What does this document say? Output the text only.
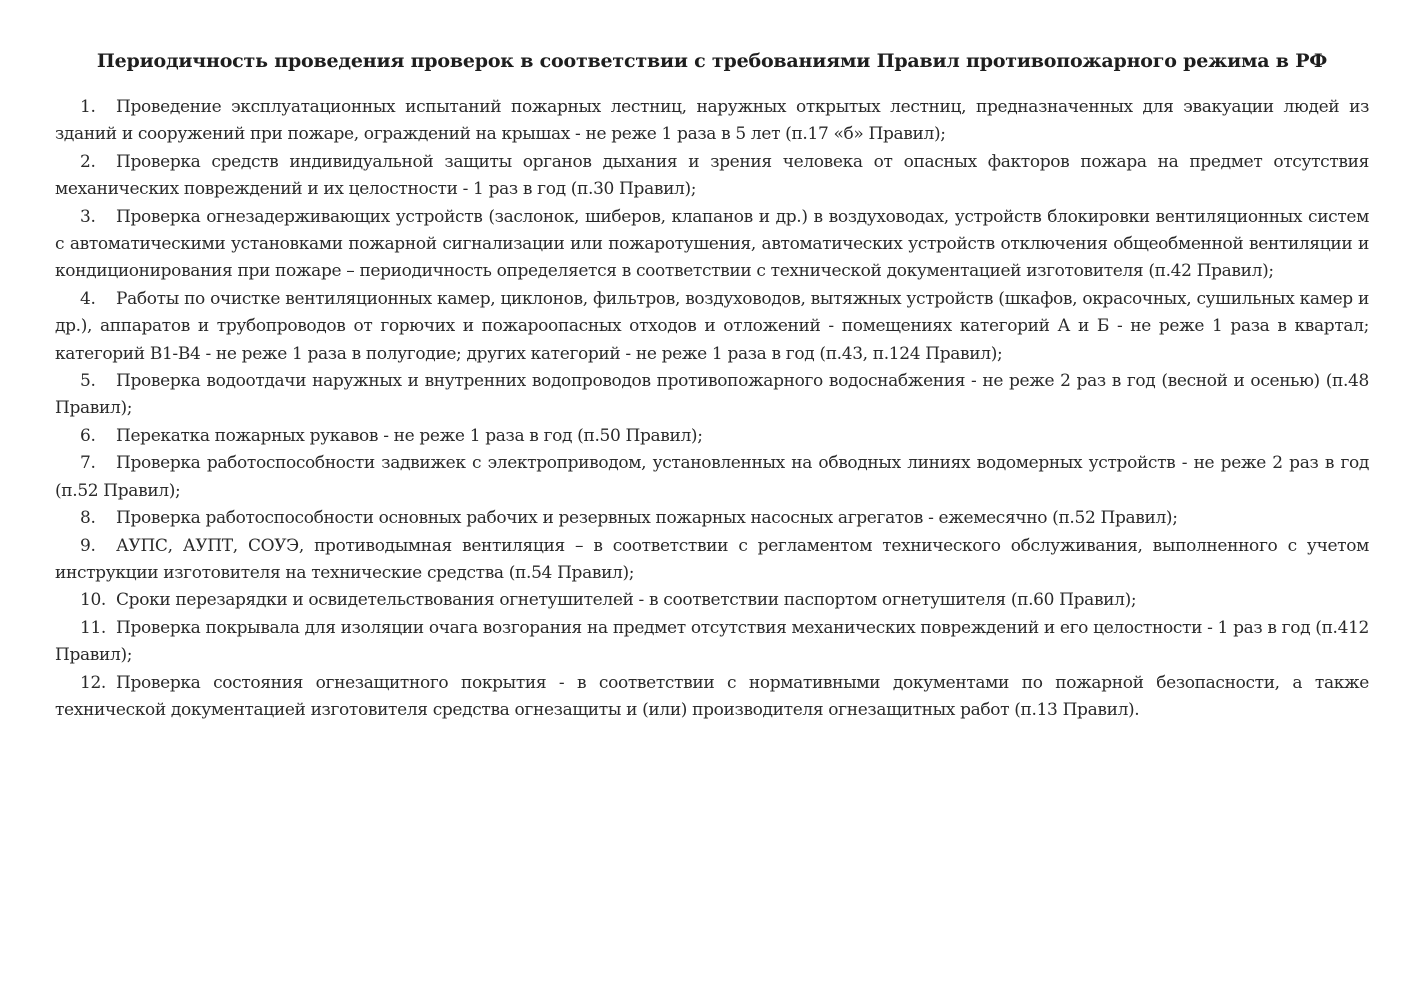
Периодичность проведения проверок в соответствии с требованиями Правил противопожарного режима в РФ
1. Проведение эксплуатационных испытаний пожарных лестниц, наружных открытых лестниц, предназначенных для эвакуации людей из зданий и сооружений при пожаре, ограждений на крышах - не реже 1 раза в 5 лет (п.17 «б» Правил);
2. Проверка средств индивидуальной защиты органов дыхания и зрения человека от опасных факторов пожара на предмет отсутствия механических повреждений и их целостности - 1 раз в год (п.30 Правил);
3. Проверка огнезадерживающих устройств (заслонок, шиберов, клапанов и др.) в воздуховодах, устройств блокировки вентиляционных систем с автоматическими установками пожарной сигнализации или пожаротушения, автоматических устройств отключения общеобменной вентиляции и кондиционирования при пожаре – периодичность определяется в соответствии с технической документацией изготовителя (п.42 Правил);
4. Работы по очистке вентиляционных камер, циклонов, фильтров, воздуховодов, вытяжных устройств (шкафов, окрасочных, сушильных камер и др.), аппаратов и трубопроводов от горючих и пожароопасных отходов и отложений - помещениях категорий А и Б - не реже 1 раза в квартал; категорий В1-В4 - не реже 1 раза в полугодие; других категорий - не реже 1 раза в год (п.43, п.124 Правил);
5. Проверка водоотдачи наружных и внутренних водопроводов противопожарного водоснабжения - не реже 2 раз в год (весной и осенью) (п.48 Правил);
6. Перекатка пожарных рукавов - не реже 1 раза в год (п.50 Правил);
7. Проверка работоспособности задвижек с электроприводом, установленных на обводных линиях водомерных устройств - не реже 2 раз в год (п.52 Правил);
8. Проверка работоспособности основных рабочих и резервных пожарных насосных агрегатов - ежемесячно (п.52 Правил);
9. АУПС, АУПТ, СОУЭ, противодымная вентиляция – в соответствии с регламентом технического обслуживания, выполненного с учетом инструкции изготовителя на технические средства (п.54 Правил);
10. Сроки перезарядки и освидетельствования огнетушителей - в соответствии паспортом огнетушителя (п.60 Правил);
11. Проверка покрывала для изоляции очага возгорания на предмет отсутствия механических повреждений и его целостности - 1 раз в год (п.412 Правил);
12. Проверка состояния огнезащитного покрытия - в соответствии с нормативными документами по пожарной безопасности, а также технической документацией изготовителя средства огнезащиты и (или) производителя огнезащитных работ (п.13 Правил).
